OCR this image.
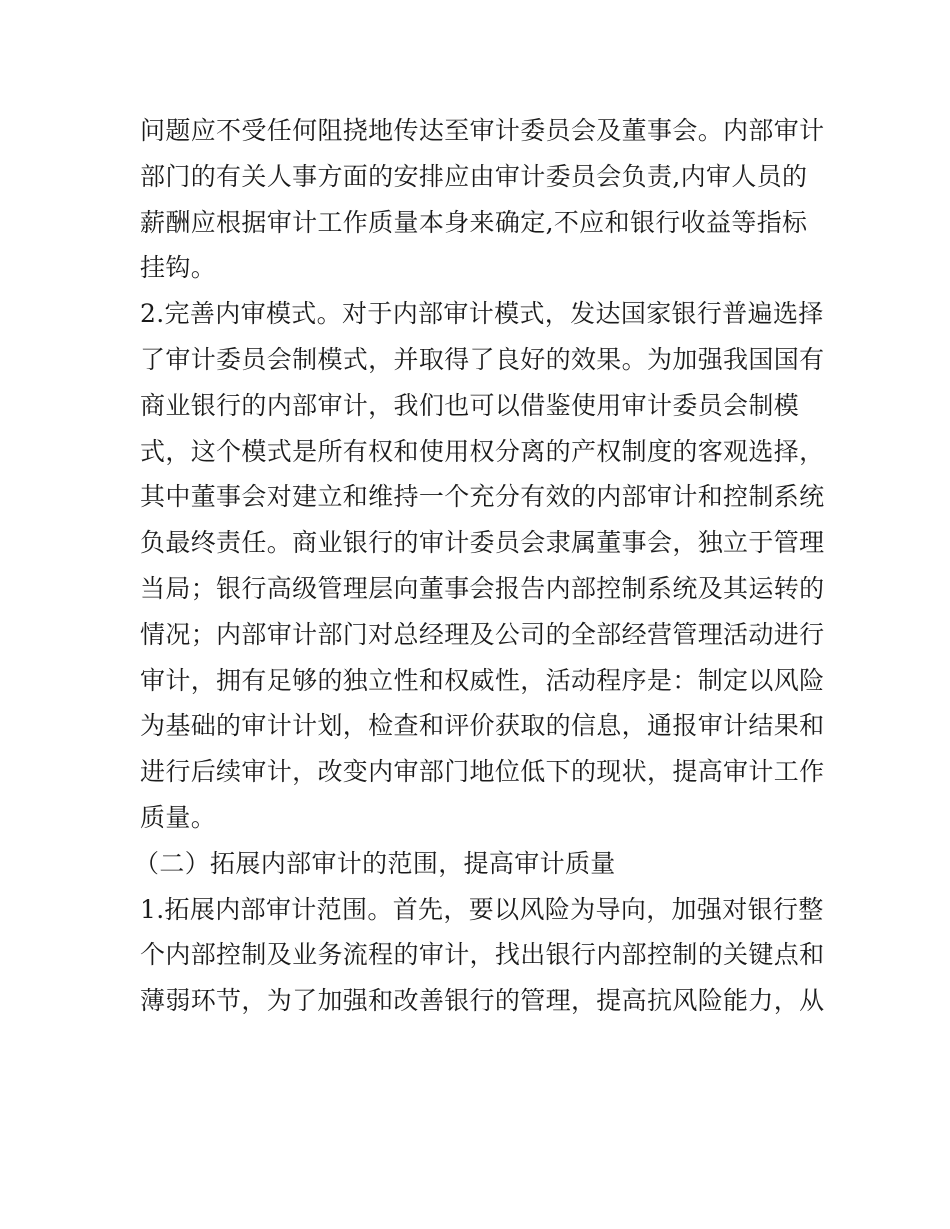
问题应不受任何阻挠地传达至审计委员会及董事会。内部审计
部门的有关人事方面的安排应由审计委员会负责,内审人员的
薪酬应根据审计工作质量本身来确定,不应和银行收益等指标
挂钩。
2.完善内审模式。对于内部审计模式，发达国家银行普遍选择
了审计委员会制模式，并取得了良好的效果。为加强我国国有
商业银行的内部审计，我们也可以借鉴使用审计委员会制模
式，这个模式是所有权和使用权分离的产权制度的客观选择，
其中董事会对建立和维持一个充分有效的内部审计和控制系统
负最终责任。商业银行的审计委员会隶属董事会，独立于管理
当局；银行高级管理层向董事会报告内部控制系统及其运转的
情况；内部审计部门对总经理及公司的全部经营管理活动进行
审计，拥有足够的独立性和权威性，活动程序是：制定以风险
为基础的审计计划，检查和评价获取的信息，通报审计结果和
进行后续审计，改变内审部门地位低下的现状，提高审计工作
质量。
（二）拓展内部审计的范围，提高审计质量
1.拓展内部审计范围。首先，要以风险为导向，加强对银行整
个内部控制及业务流程的审计，找出银行内部控制的关键点和
薄弱环节，为了加强和改善银行的管理，提高抗风险能力，从
